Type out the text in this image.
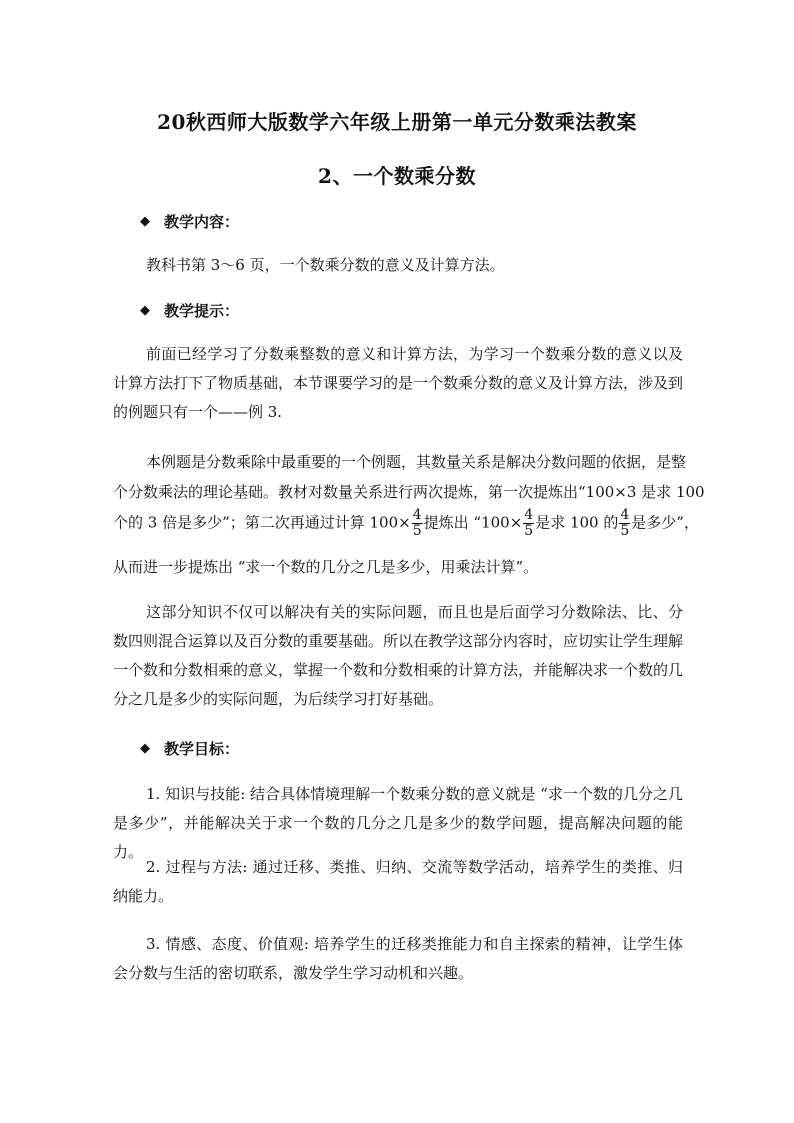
20秋西师大版数学六年级上册第一单元分数乘法教案
2、一个数乘分数
◆ 教学内容：

教科书第 3～6 页，一个数乘分数的意义及计算方法。

◆ 教学提示：

前面已经学习了分数乘整数的意义和计算方法，为学习一个数乘分数的意义以及计算方法打下了物质基础，本节课要学习的是一个数乘分数的意义及计算方法，涉及到的例题只有一个——例 3.

本例题是分数乘除中最重要的一个例题，其数量关系是解决分数问题的依据，是整
个分数乘法的理论基础。教材对数量关系进行两次提炼，第一次提炼出“100×3 是求 100
个的 3 倍是多少”；第二次再通过计算 $100\times \frac{4}{5}$ 提炼出 “$100\times \frac{4}{5}$ 是求 100 的 $\frac{4}{5}$ 是多少”，
从而进一步提炼出 “求一个数的几分之几是多少，用乘法计算”。

这部分知识不仅可以解决有关的实际问题，而且也是后面学习分数除法、比、分数四则混合运算以及百分数的重要基础。所以在教学这部分内容时，应切实让学生理解一个数和分数相乘的意义，掌握一个数和分数相乘的计算方法，并能解决求一个数的几分之几是多少的实际问题，为后续学习打好基础。

◆ 教学目标：

1. 知识与技能: 结合具体情境理解一个数乘分数的意义就是 “求一个数的几分之几是多少”，并能解决关于求一个数的几分之几是多少的数学问题，提高解决问题的能力。

2. 过程与方法: 通过迁移、类推、归纳、交流等数学活动，培养学生的类推、归纳能力。

3. 情感、态度、价值观: 培养学生的迁移类推能力和自主探索的精神，让学生体会分数与生活的密切联系，激发学生学习动机和兴趣。
